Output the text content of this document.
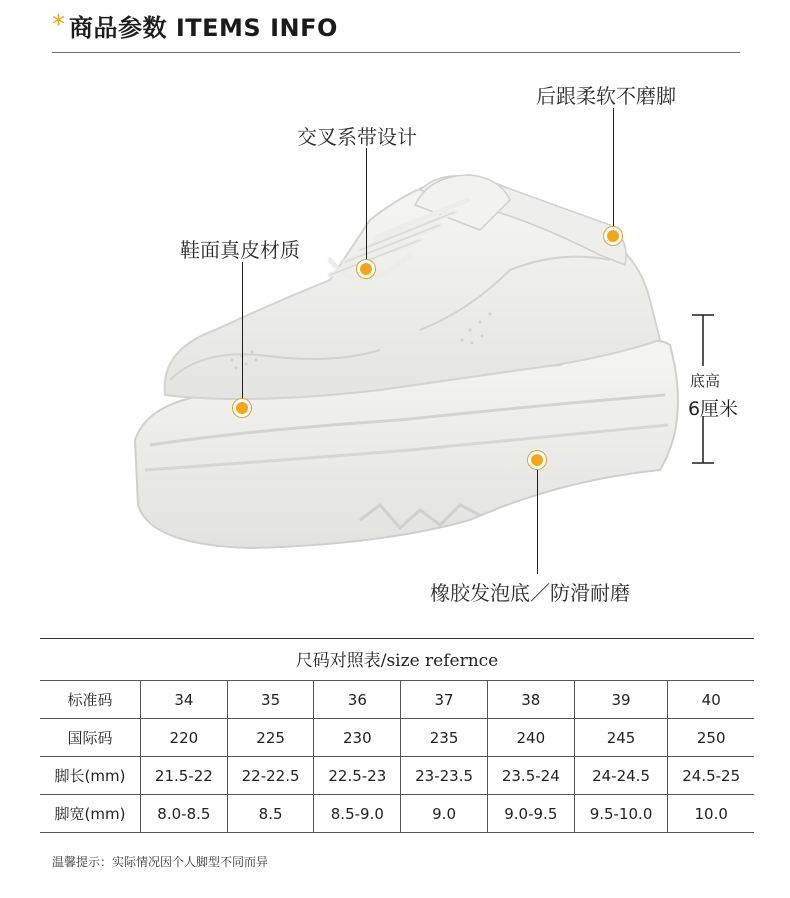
* 商品参数 ITEMS INFO
后跟柔软不磨脚
交叉系带设计
鞋面真皮材质
橡胶发泡底／防滑耐磨
底高
6厘米
尺码对照表/size refernce
标准码	34	35	36	37	38	39	40
国际码	220	225	230	235	240	245	250
脚长(mm)	21.5-22	22-22.5	22.5-23	23-23.5	23.5-24	24-24.5	24.5-25
脚宽(mm)	8.0-8.5	8.5	8.5-9.0	9.0	9.0-9.5	9.5-10.0	10.0
温馨提示：实际情况因个人脚型不同而异
